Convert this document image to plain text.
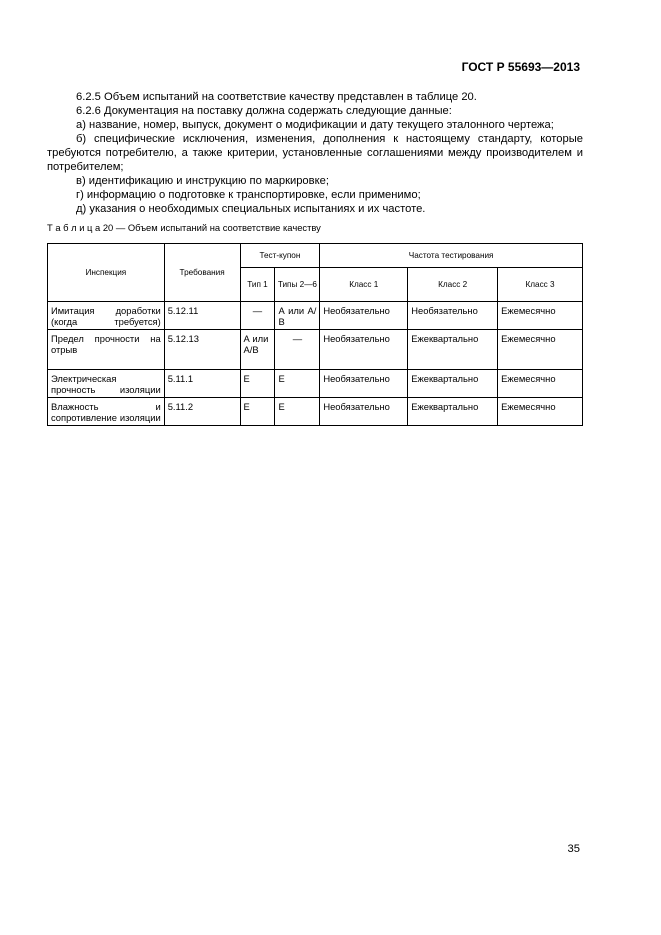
ГОСТ Р 55693—2013

6.2.5 Объем испытаний на соответствие качеству представлен в таблице 20.

6.2.6 Документация на поставку должна содержать следующие данные:

а) название, номер, выпуск, документ о модификации и дату текущего эталонного чертежа;

б) специфические исключения, изменения, дополнения к настоящему стандарту, которые требуются потребителю, а также критерии, установленные соглашениями между производителем и потребителем;

в) идентификацию и инструкцию по маркировке;

г) информацию о подготовке к транспортировке, если применимо;

д) указания о необходимых специальных испытаниях и их частоте.

Т а б л и ц а 20 — Объем испытаний на соответствие качеству
Инспекция	Требования	Тест-купон		Частота тестирования		
		Тип 1	Типы 2—6	Класс 1	Класс 2	Класс 3
Имитация доработки (когда требуется)	5.12.11	—	А или А/В	Необязательно	Необязательно	Ежемесячно
Предел прочности на отрыв	5.12.13	А или А/В	—	Необязательно	Ежеквартально	Ежемесячно
Электрическая прочность изоляции	5.11.1	Е	Е	Необязательно	Ежеквартально	Ежемесячно
Влажность и сопротивление изоляции	5.11.2	Е	Е	Необязательно	Ежеквартально	Ежемесячно
35
